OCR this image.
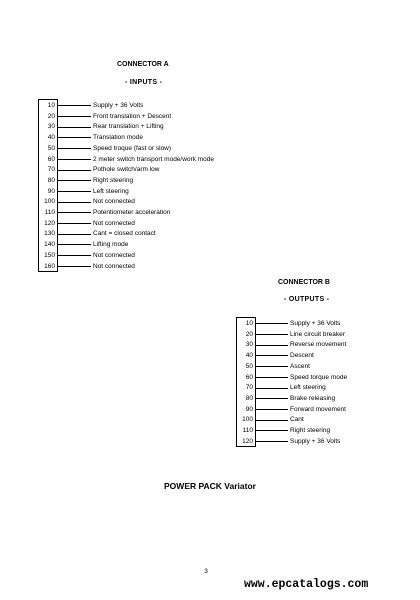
CONNECTOR A
- INPUTS -
CONNECTOR B
- OUTPUTS -
POWER PACK Variator
3
www.epcatalogs.com
10	Supply + 36 Volts
20	Front translation + Descent
30	Rear translation + Lifting
40	Translation mode
50	Speed troque (fast or slow)
60	2 meter switch transport mode/work mode
70	Pothole switch/arm low
80	Right steering
90	Left steering
100	Not connected
110	Potentiometer acceleration
120	Not connected
130	Cant = closed contact
140	Lifting mode
150	Not connected
160	Not connected
10	Supply + 36 Volts
20	Line circuit breaker
30	Reverse movement
40	Descent
50	Ascent
60	Speed torque mode
70	Left steering
80	Brake releasing
90	Forward movement
100	Cant
110	Right steering
120	Supply + 36 Volts
